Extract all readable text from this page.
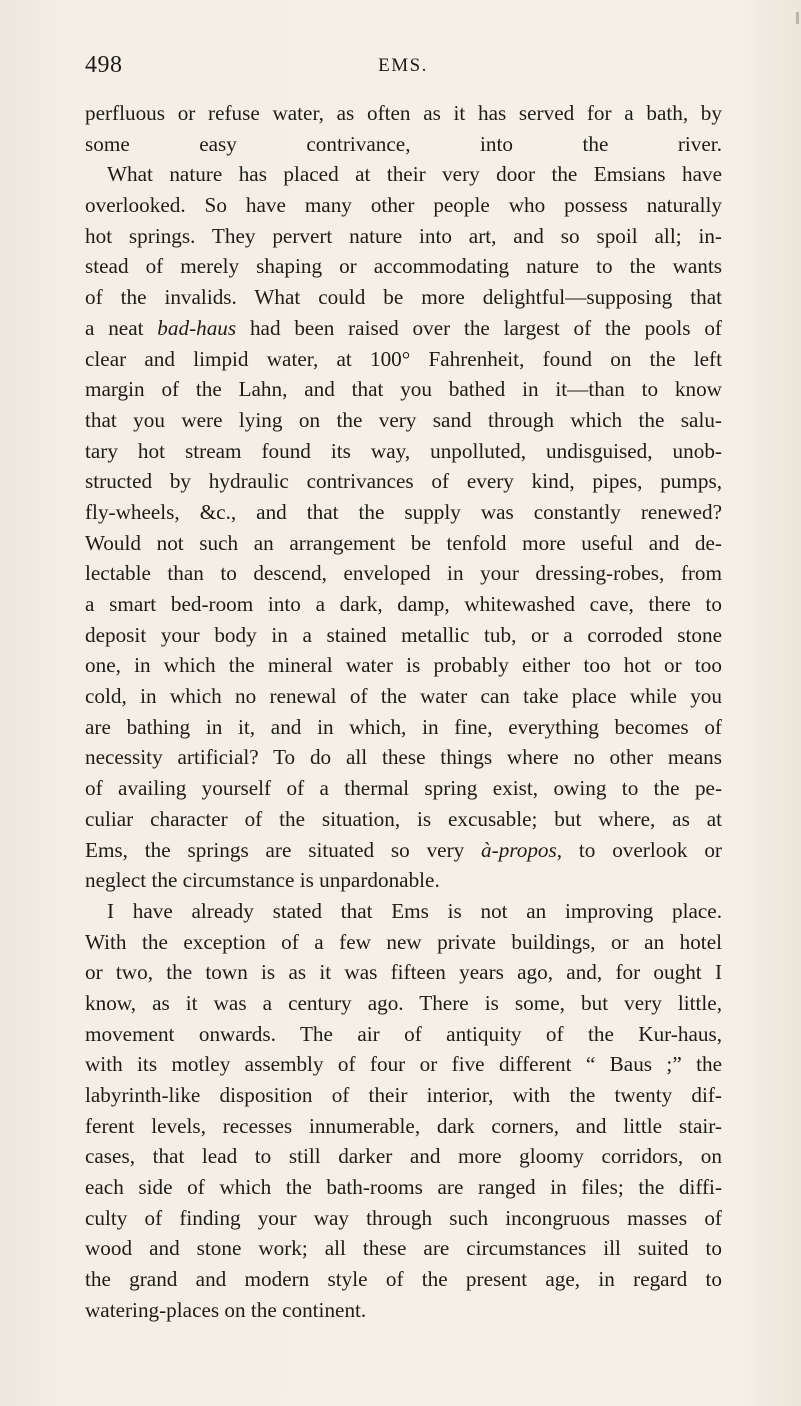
498	EMS.
perfluous or refuse water, as often as it has served for a bath, by
some easy contrivance, into the river.
What nature has placed at their very door the Emsians have
overlooked. So have many other people who possess naturally
hot springs. They pervert nature into art, and so spoil all; in-
stead of merely shaping or accommodating nature to the wants
of the invalids. What could be more delightful—supposing that
a neat bad-haus had been raised over the largest of the pools of
clear and limpid water, at 100° Fahrenheit, found on the left
margin of the Lahn, and that you bathed in it—than to know
that you were lying on the very sand through which the salu-
tary hot stream found its way, unpolluted, undisguised, unob-
structed by hydraulic contrivances of every kind, pipes, pumps,
fly-wheels, &c., and that the supply was constantly renewed?
Would not such an arrangement be tenfold more useful and de-
lectable than to descend, enveloped in your dressing-robes, from
a smart bed-room into a dark, damp, whitewashed cave, there to
deposit your body in a stained metallic tub, or a corroded stone
one, in which the mineral water is probably either too hot or too
cold, in which no renewal of the water can take place while you
are bathing in it, and in which, in fine, everything becomes of
necessity artificial? To do all these things where no other means
of availing yourself of a thermal spring exist, owing to the pe-
culiar character of the situation, is excusable; but where, as at
Ems, the springs are situated so very à-propos, to overlook or
neglect the circumstance is unpardonable.
I have already stated that Ems is not an improving place.
With the exception of a few new private buildings, or an hotel
or two, the town is as it was fifteen years ago, and, for ought I
know, as it was a century ago. There is some, but very little,
movement onwards. The air of antiquity of the Kur-haus,
with its motley assembly of four or five different “ Baus ;” the
labyrinth-like disposition of their interior, with the twenty dif-
ferent levels, recesses innumerable, dark corners, and little stair-
cases, that lead to still darker and more gloomy corridors, on
each side of which the bath-rooms are ranged in files; the diffi-
culty of finding your way through such incongruous masses of
wood and stone work; all these are circumstances ill suited to
the grand and modern style of the present age, in regard to
watering-places on the continent.
